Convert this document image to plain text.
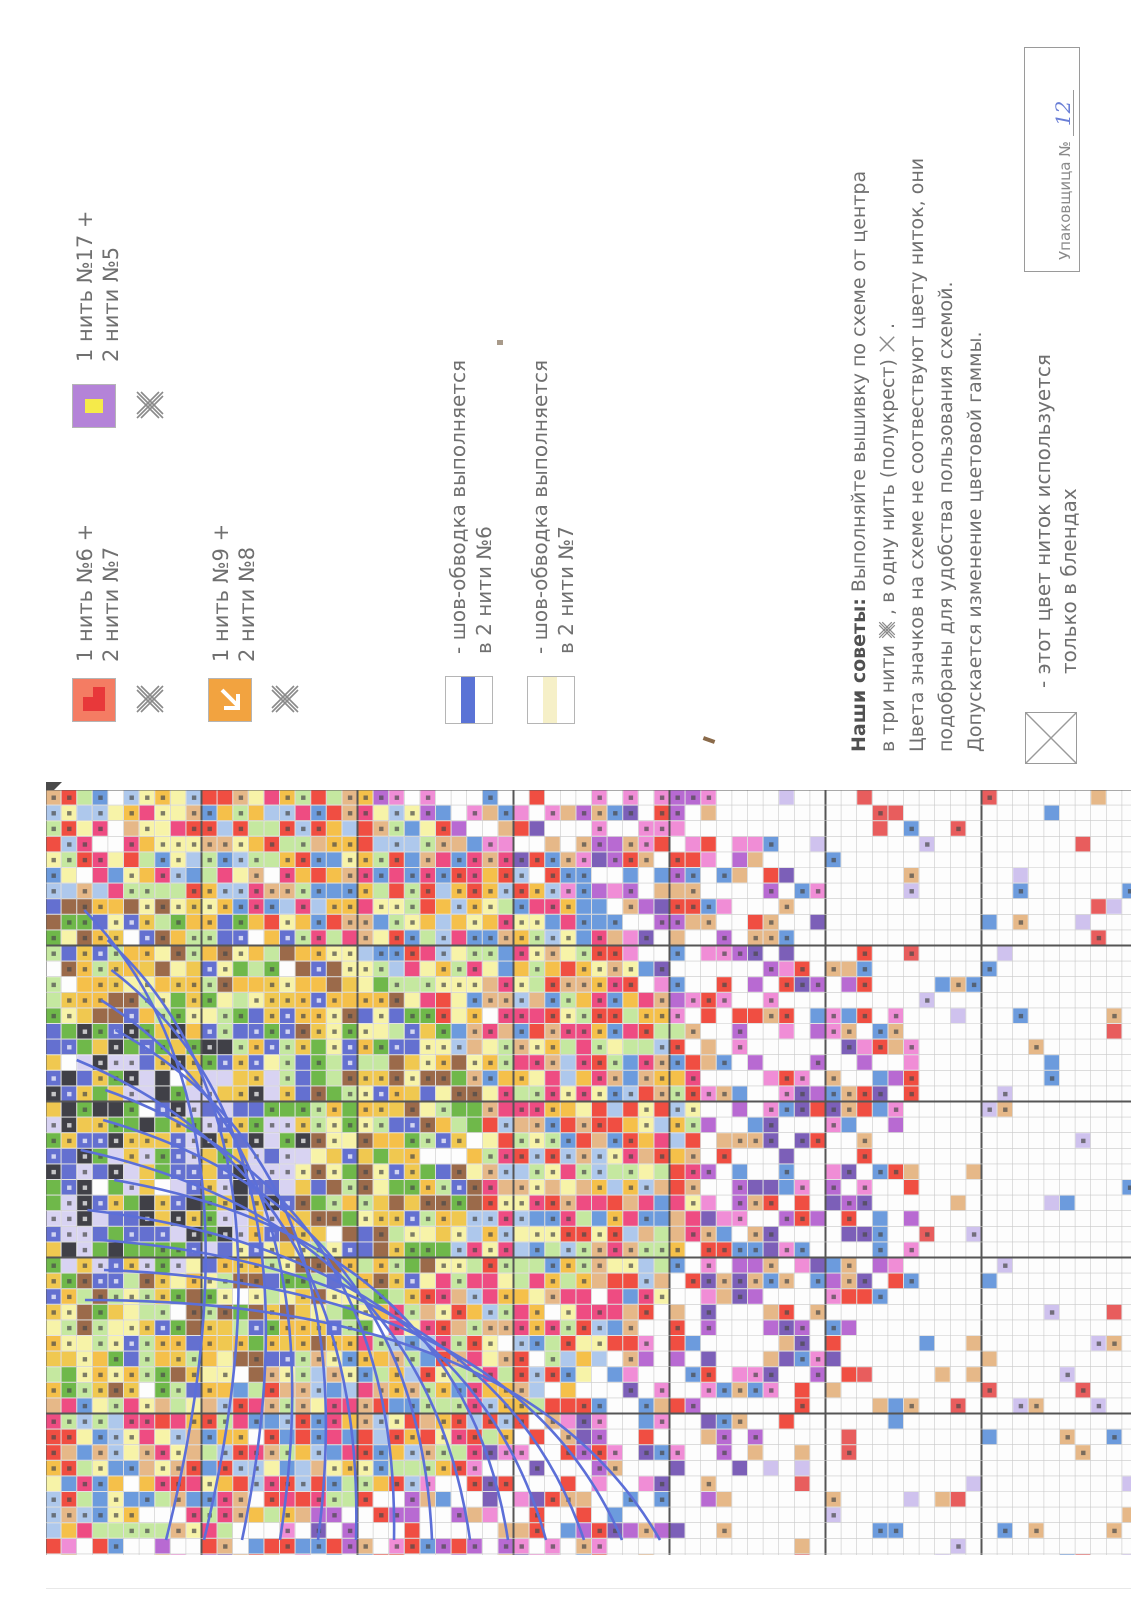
1 нить №6 + 2 нити №7	1 нить №9 + 2 нити №8
1 нить №17 + 2 нити №5
- шов-обводка выполняется в 2 нити №6 - шов-обводка выполняется в 2 нити №7
Наши советы: Выполняйте вышивку по схеме от центра
в три нити  , в одну нить (полукрест)  . Цвета значков на схеме не соотвествуют цвету ниток, они подобраны для удобства пользования схемой. Допускается изменение цветовой гаммы. - этот цвет ниток используется только в блендах
Упаковщица № 12
